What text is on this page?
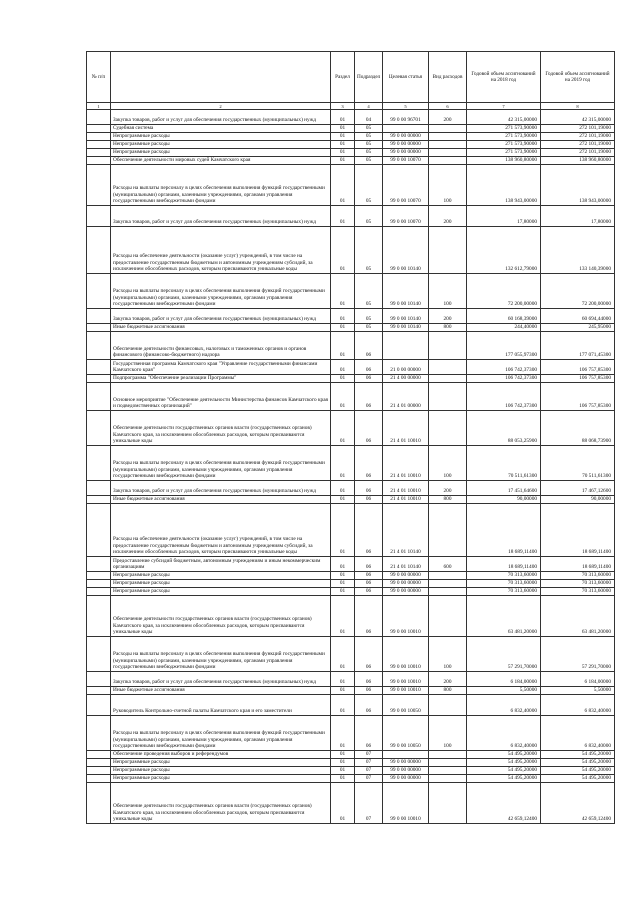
№ п/п		Раздел	Подраздел	Целевая статья	Вид расходов	Годовой объем ассигнований на 2018 год	Годовой объем ассигнований на 2019 год
1	2	3	4	5	6	7	8
	Закупка товаров, работ и услуг для обеспечения государственных (муниципальных) нужд	01	04	99 0 00 96701	200	42 315,00000	42 315,00000
	Судебная система	01	05			271 573,90000	272 101,19000
	Непрограммные расходы	01	05	99 0 00 00000		271 573,90000	272 101,19000
	Непрограммные расходы	01	05	99 0 00 00000		271 573,90000	272 101,19000
	Непрограммные расходы	01	05	99 0 00 00000		271 573,90000	272 101,19000
	Обеспечение деятельности мировых судей Камчатского края	01	05	99 0 00 10070		138 960,80000	138 960,80000
	Расходы на выплаты персоналу в целях обеспечения выполнения функций государственными (муниципальными) органами, казенными учреждениями, органами управления государственными внебюджетными фондами	01	05	99 0 00 10070	100	138 943,00000	138 943,00000
	Закупка товаров, работ и услуг для обеспечения государственных (муниципальных) нужд	01	05	99 0 00 10070	200	17,80000	17,80000
	Расходы на обеспечение деятельности (оказание услуг) учреждений, в том числе на предоставление государственным бюджетным и автономным учреждениям субсидий, за исключением обособленных расходов, которым присваиваются уникальные коды	01	05	99 0 00 10140		132 612,79000	133 140,39000
	Расходы на выплаты персоналу в целях обеспечения выполнения функций государственными (муниципальными) органами, казенными учреждениями, органами управления государственными внебюджетными фондами	01	05	99 0 00 10140	100	72 200,00000	72 200,00000
	Закупка товаров, работ и услуг для обеспечения государственных (муниципальных) нужд	01	05	99 0 00 10140	200	60 168,39000	60 694,44000
	Иные бюджетные ассигнования	01	05	99 0 00 10140	800	244,40000	245,95000
	Обеспечение деятельности финансовых, налоговых и таможенных органов и органов финансового (финансово-бюджетного) надзора	01	06			177 055,97300	177 071,45300
	Государственная программа Камчатского края "Управление государственными финансами Камчатского края"	01	06	21 0 00 00000		106 742,37300	106 757,85300
	Подпрограмма "Обеспечение реализации Программы"	01	06	21 4 00 00000		106 742,37300	106 757,85300
	Основное мероприятие "Обеспечение деятельности Министерства финансов Камчатского края и подведомственных организаций"	01	06	21 4 01 00000		106 742,37300	106 757,85300
	Обеспечение деятельности государственных органов власти (государственных органов) Камчатского края, за исключением обособленных расходов, которым присваиваются уникальные коды	01	06	21 4 01 10010		88 053,25900	88 068,73900
	Расходы на выплаты персоналу в целях обеспечения выполнения функций государственными (муниципальными) органами, казенными учреждениями, органами управления государственными внебюджетными фондами	01	06	21 4 01 10010	100	70 511,61300	70 511,61300
	Закупка товаров, работ и услуг для обеспечения государственных (муниципальных) нужд	01	06	21 4 01 10010	200	17 451,64600	17 467,12600
	Иные бюджетные ассигнования	01	06	21 4 01 10010	800	90,00000	90,00000
	Расходы на обеспечение деятельности (оказание услуг) учреждений, в том числе на предоставление государственным бюджетным и автономным учреждениям субсидий, за исключением обособленных расходов, которым присваиваются уникальные коды	01	06	21 4 01 10140		18 689,11400	18 689,11400
	Предоставление субсидий бюджетным, автономным учреждениям и иным некоммерческим организациям	01	06	21 4 01 10140	600	18 689,11400	18 689,11400
	Непрограммные расходы	01	06	99 0 00 00000		70 313,60000	70 313,60000
	Непрограммные расходы	01	06	99 0 00 00000		70 313,60000	70 313,60000
	Непрограммные расходы	01	06	99 0 00 00000		70 313,60000	70 313,60000
	Обеспечение деятельности государственных органов власти (государственных органов) Камчатского края, за исключением обособленных расходов, которым присваиваются уникальные коды	01	06	99 0 00 10010		63 481,20000	63 481,20000
	Расходы на выплаты персоналу в целях обеспечения выполнения функций государственными (муниципальными) органами, казенными учреждениями, органами управления государственными внебюджетными фондами	01	06	99 0 00 10010	100	57 291,70000	57 291,70000
	Закупка товаров, работ и услуг для обеспечения государственных (муниципальных) нужд	01	06	99 0 00 10010	200	6 184,00000	6 184,00000
	Иные бюджетные ассигнования	01	06	99 0 00 10010	800	5,50000	5,50000
	Руководитель Контрольно-счетной палаты Камчатского края и его заместители	01	06	99 0 00 10050		6 832,40000	6 832,40000
	Расходы на выплаты персоналу в целях обеспечения выполнения функций государственными (муниципальными) органами, казенными учреждениями, органами управления государственными внебюджетными фондами	01	06	99 0 00 10050	100	6 832,40000	6 832,40000
	Обеспечение проведения выборов и референдумов	01	07			54 495,20000	54 495,20000
	Непрограммные расходы	01	07	99 0 00 00000		54 495,20000	54 495,20000
	Непрограммные расходы	01	07	99 0 00 00000		54 495,20000	54 495,20000
	Непрограммные расходы	01	07	99 0 00 00000		54 495,20000	54 495,20000
	Обеспечение деятельности государственных органов власти (государственных органов) Камчатского края, за исключением обособленных расходов, которым присваиваются уникальные коды	01	07	99 0 00 10010		42 659,12400	42 659,12400
